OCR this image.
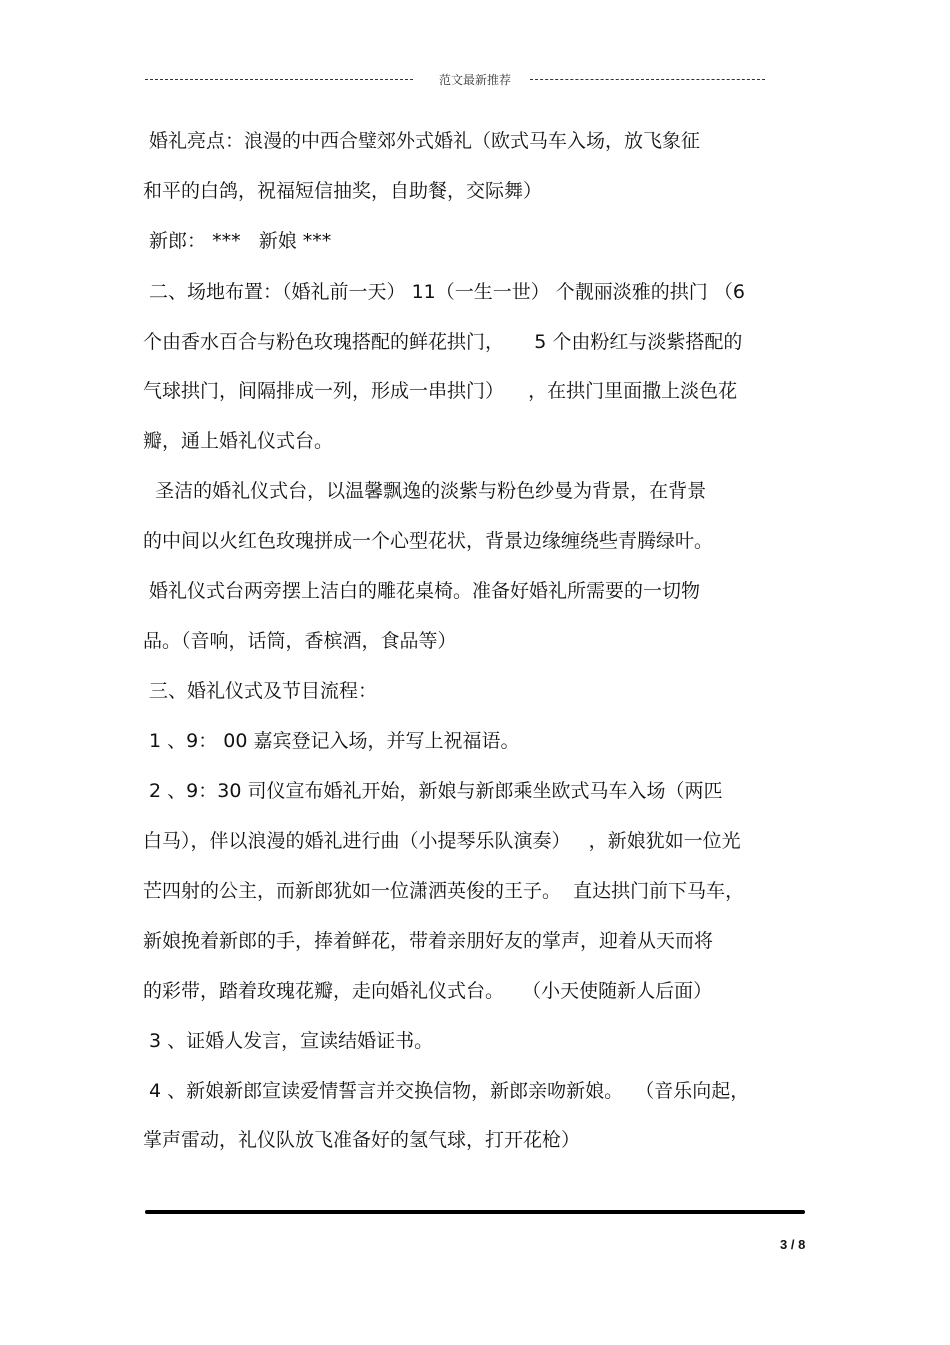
范文最新推荐
婚礼亮点：浪漫的中西合璧郊外式婚礼（欧式马车入场，放飞象征
和平的白鸽，祝福短信抽奖，自助餐，交际舞）
新郎： ***   新娘 ***
二、场地布置：（婚礼前一天） 11（一生一世） 个靓丽淡雅的拱门 （6
个由香水百合与粉色玫瑰搭配的鲜花拱门，     5 个由粉红与淡紫搭配的
气球拱门，间隔排成一列，形成一串拱门）    ，在拱门里面撒上淡色花
瓣，通上婚礼仪式台。
圣洁的婚礼仪式台，以温馨飘逸的淡紫与粉色纱曼为背景，在背景
的中间以火红色玫瑰拼成一个心型花状，背景边缘缠绕些青腾绿叶。
婚礼仪式台两旁摆上洁白的雕花桌椅。准备好婚礼所需要的一切物
品。（音响，话筒，香槟酒，食品等）
三、婚礼仪式及节目流程：
1 、9： 00 嘉宾登记入场，并写上祝福语。
2 、9：30 司仪宣布婚礼开始，新娘与新郎乘坐欧式马车入场（两匹
白马），伴以浪漫的婚礼进行曲（小提琴乐队演奏）   ，新娘犹如一位光
芒四射的公主，而新郎犹如一位潇洒英俊的王子。  直达拱门前下马车，
新娘挽着新郎的手，捧着鲜花，带着亲朋好友的掌声，迎着从天而将
的彩带，踏着玫瑰花瓣，走向婚礼仪式台。   （小天使随新人后面）
3 、证婚人发言，宣读结婚证书。
4 、新娘新郎宣读爱情誓言并交换信物，新郎亲吻新娘。  （音乐向起，
掌声雷动，礼仪队放飞准备好的氢气球，打开花枪）
3 / 8
